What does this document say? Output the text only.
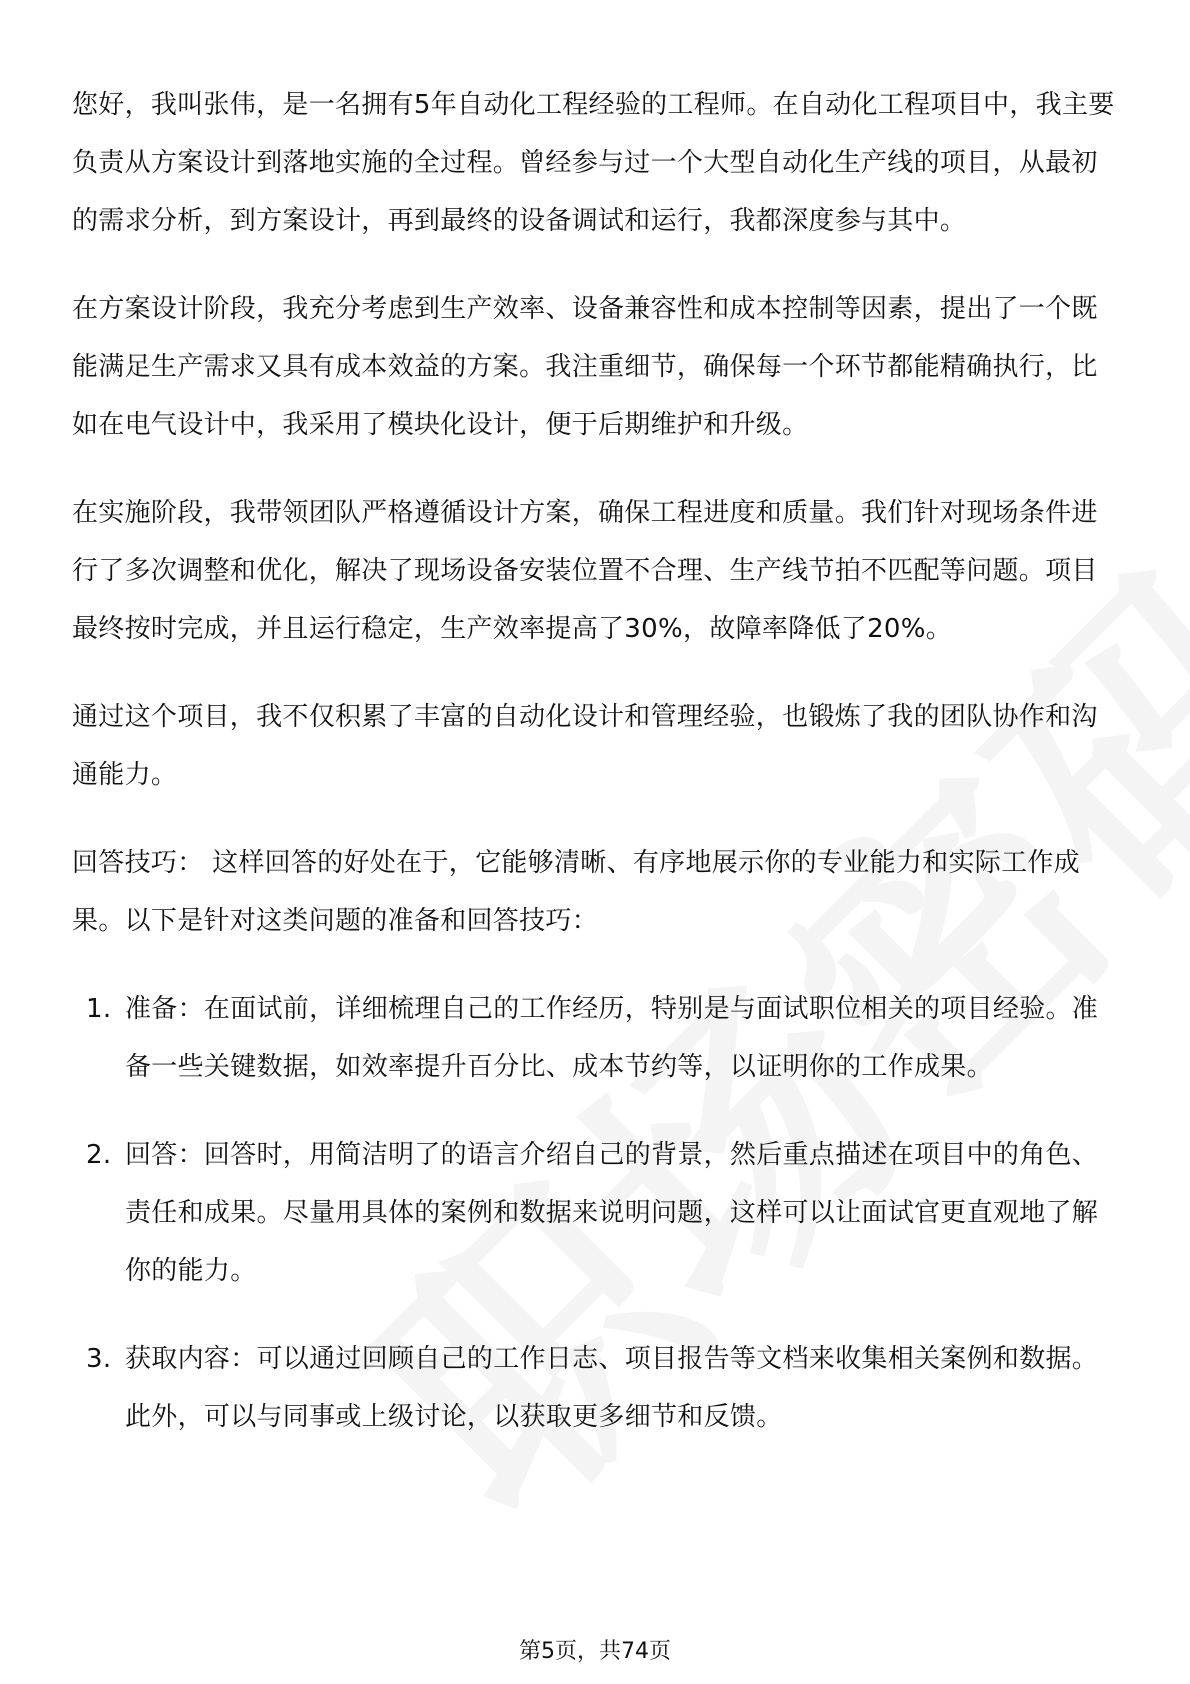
您好，我叫张伟，是一名拥有5年自动化工程经验的工程师。在自动化工程项目中，我主要负责从方案设计到落地实施的全过程。曾经参与过一个大型自动化生产线的项目，从最初的需求分析，到方案设计，再到最终的设备调试和运行，我都深度参与其中。

在方案设计阶段，我充分考虑到生产效率、设备兼容性和成本控制等因素，提出了一个既能满足生产需求又具有成本效益的方案。我注重细节，确保每一个环节都能精确执行，比如在电气设计中，我采用了模块化设计，便于后期维护和升级。

在实施阶段，我带领团队严格遵循设计方案，确保工程进度和质量。我们针对现场条件进行了多次调整和优化，解决了现场设备安装位置不合理、生产线节拍不匹配等问题。项目最终按时完成，并且运行稳定，生产效率提高了30%，故障率降低了20%。

通过这个项目，我不仅积累了丰富的自动化设计和管理经验，也锻炼了我的团队协作和沟通能力。

回答技巧： 这样回答的好处在于，它能够清晰、有序地展示你的专业能力和实际工作成果。以下是针对这类问题的准备和回答技巧：

1. 准备：在面试前，详细梳理自己的工作经历，特别是与面试职位相关的项目经验。准备一些关键数据，如效率提升百分比、成本节约等，以证明你的工作成果。
2. 回答：回答时，用简洁明了的语言介绍自己的背景，然后重点描述在项目中的角色、责任和成果。尽量用具体的案例和数据来说明问题，这样可以让面试官更直观地了解你的能力。
3. 获取内容：可以通过回顾自己的工作日志、项目报告等文档来收集相关案例和数据。此外，可以与同事或上级讨论，以获取更多细节和反馈。
第5页，共74页
